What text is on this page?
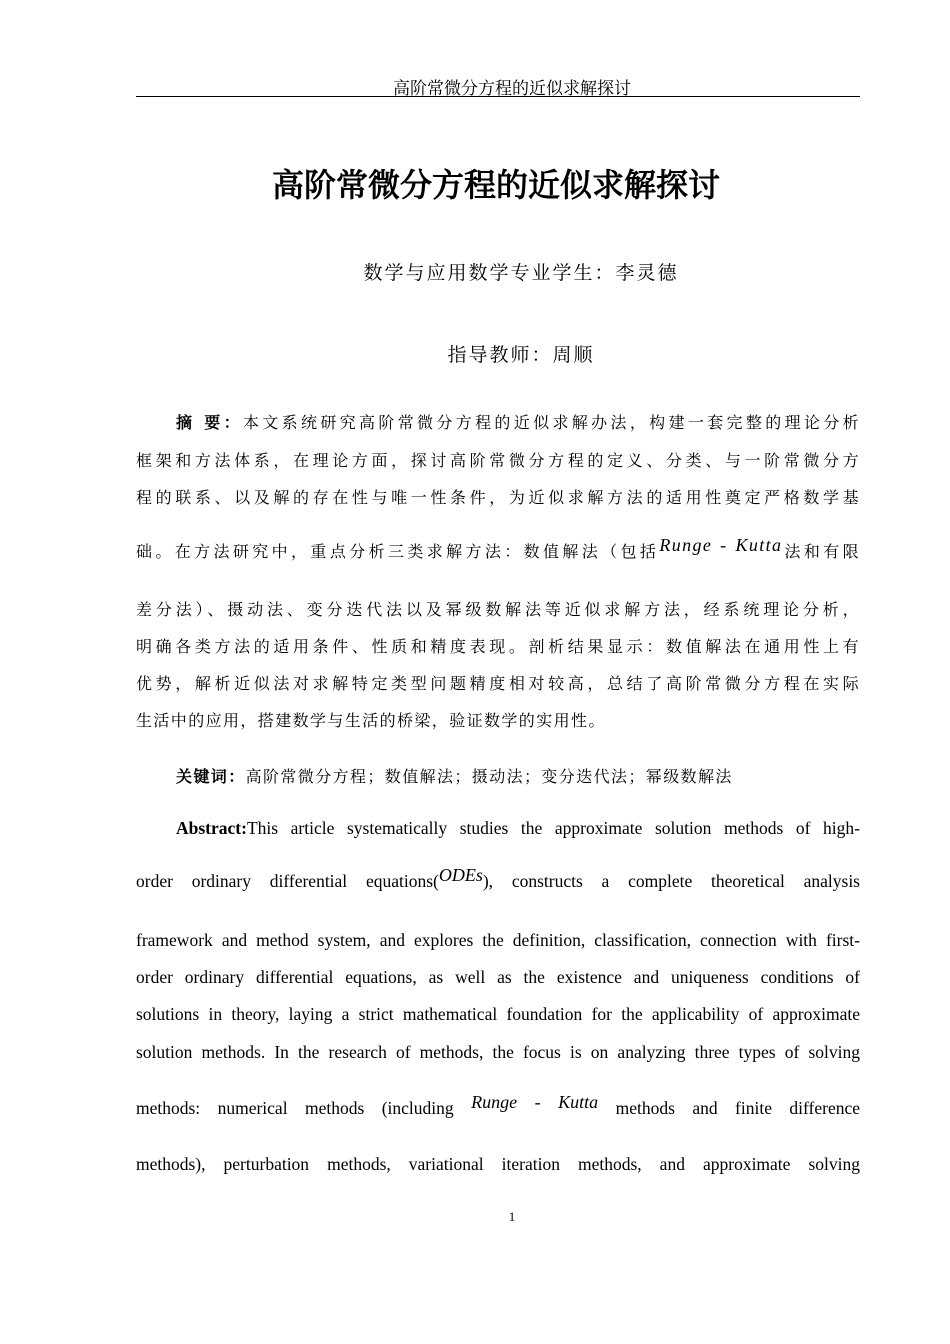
高阶常微分方程的近似求解探讨
高阶常微分方程的近似求解探讨
数学与应用数学专业学生：李灵德
指导教师：周顺
摘 要：本文系统研究高阶常微分方程的近似求解办法，构建一套完整的理论分析
框架和方法体系，在理论方面，探讨高阶常微分方程的定义、分类、与一阶常微分方
程的联系、以及解的存在性与唯一性条件，为近似求解方法的适用性奠定严格数学基
础。在方法研究中，重点分析三类求解方法：数值解法（包括Runge - Kutta法和有限
差分法）、摄动法、变分迭代法以及幂级数解法等近似求解方法，经系统理论分析，
明确各类方法的适用条件、性质和精度表现。剖析结果显示：数值解法在通用性上有
优势，解析近似法对求解特定类型问题精度相对较高，总结了高阶常微分方程在实际
生活中的应用，搭建数学与生活的桥梁，验证数学的实用性。
关键词：高阶常微分方程；数值解法；摄动法；变分迭代法；幂级数解法
Abstract:This article systematically studies the approximate solution methods of high-
order ordinary differential equations(ODEs), constructs a complete theoretical analysis
framework and method system, and explores the definition, classification, connection with first-
order ordinary differential equations, as well as the existence and uniqueness conditions of
solutions in theory, laying a strict mathematical foundation for the applicability of approximate
solution methods. In the research of methods, the focus is on analyzing three types of solving
methods: numerical methods (including Runge - Kutta methods and finite difference
methods), perturbation methods, variational iteration methods, and approximate solving
1
